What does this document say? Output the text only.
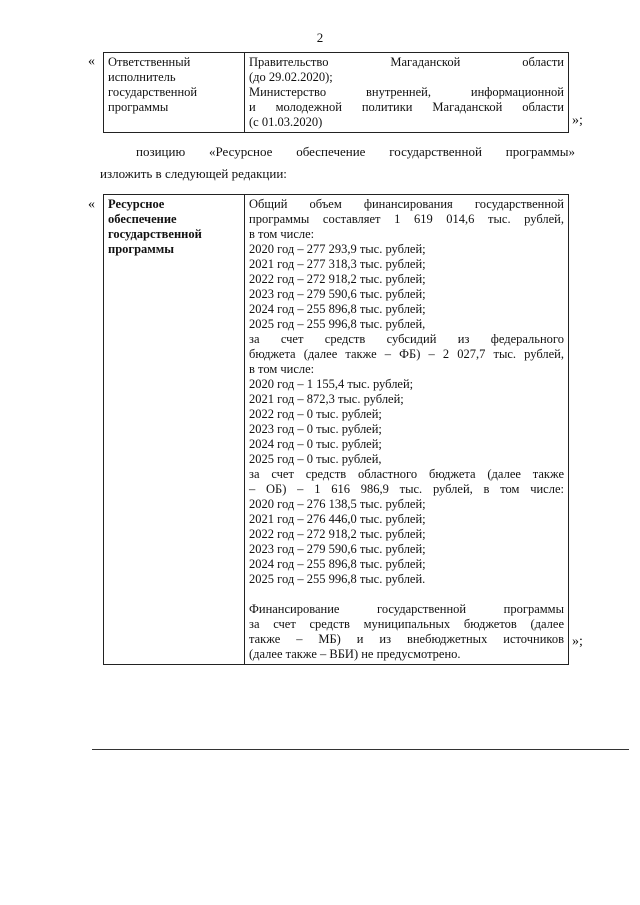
2
« Ответственный
исполнитель
государственной
программы

Правительство Магаданской области
(до 29.02.2020);
Министерство внутренней, информационной
и молодежной политики Магаданской области
(с 01.03.2020)	»;
позицию «Ресурсное обеспечение государственной программы»
изложить в следующей редакции:
« Ресурсное
обеспечение
государственной
программы

Общий объем финансирования государственной
программы составляет 1 619 014,6 тыс. рублей,
в том числе:
2020 год – 277 293,9 тыс. рублей;
2021 год – 277 318,3 тыс. рублей;
2022 год – 272 918,2 тыс. рублей;
2023 год – 279 590,6 тыс. рублей;
2024 год – 255 896,8 тыс. рублей;
2025 год – 255 996,8 тыс. рублей,
за счет средств субсидий из федерального
бюджета (далее также – ФБ) – 2 027,7 тыс. рублей,
в том числе:
2020 год – 1 155,4 тыс. рублей;
2021 год – 872,3 тыс. рублей;
2022 год – 0 тыс. рублей;
2023 год – 0 тыс. рублей;
2024 год – 0 тыс. рублей;
2025 год – 0 тыс. рублей,
за счет средств областного бюджета (далее также
– ОБ) – 1 616 986,9 тыс. рублей, в том числе:
2020 год – 276 138,5 тыс. рублей;
2021 год – 276 446,0 тыс. рублей;
2022 год – 272 918,2 тыс. рублей;
2023 год – 279 590,6 тыс. рублей;
2024 год – 255 896,8 тыс. рублей;
2025 год – 255 996,8 тыс. рублей.
Финансирование государственной программы
за счет средств муниципальных бюджетов (далее
также – МБ) и из внебюджетных источников
(далее также – ВБИ) не предусмотрено.
»;
